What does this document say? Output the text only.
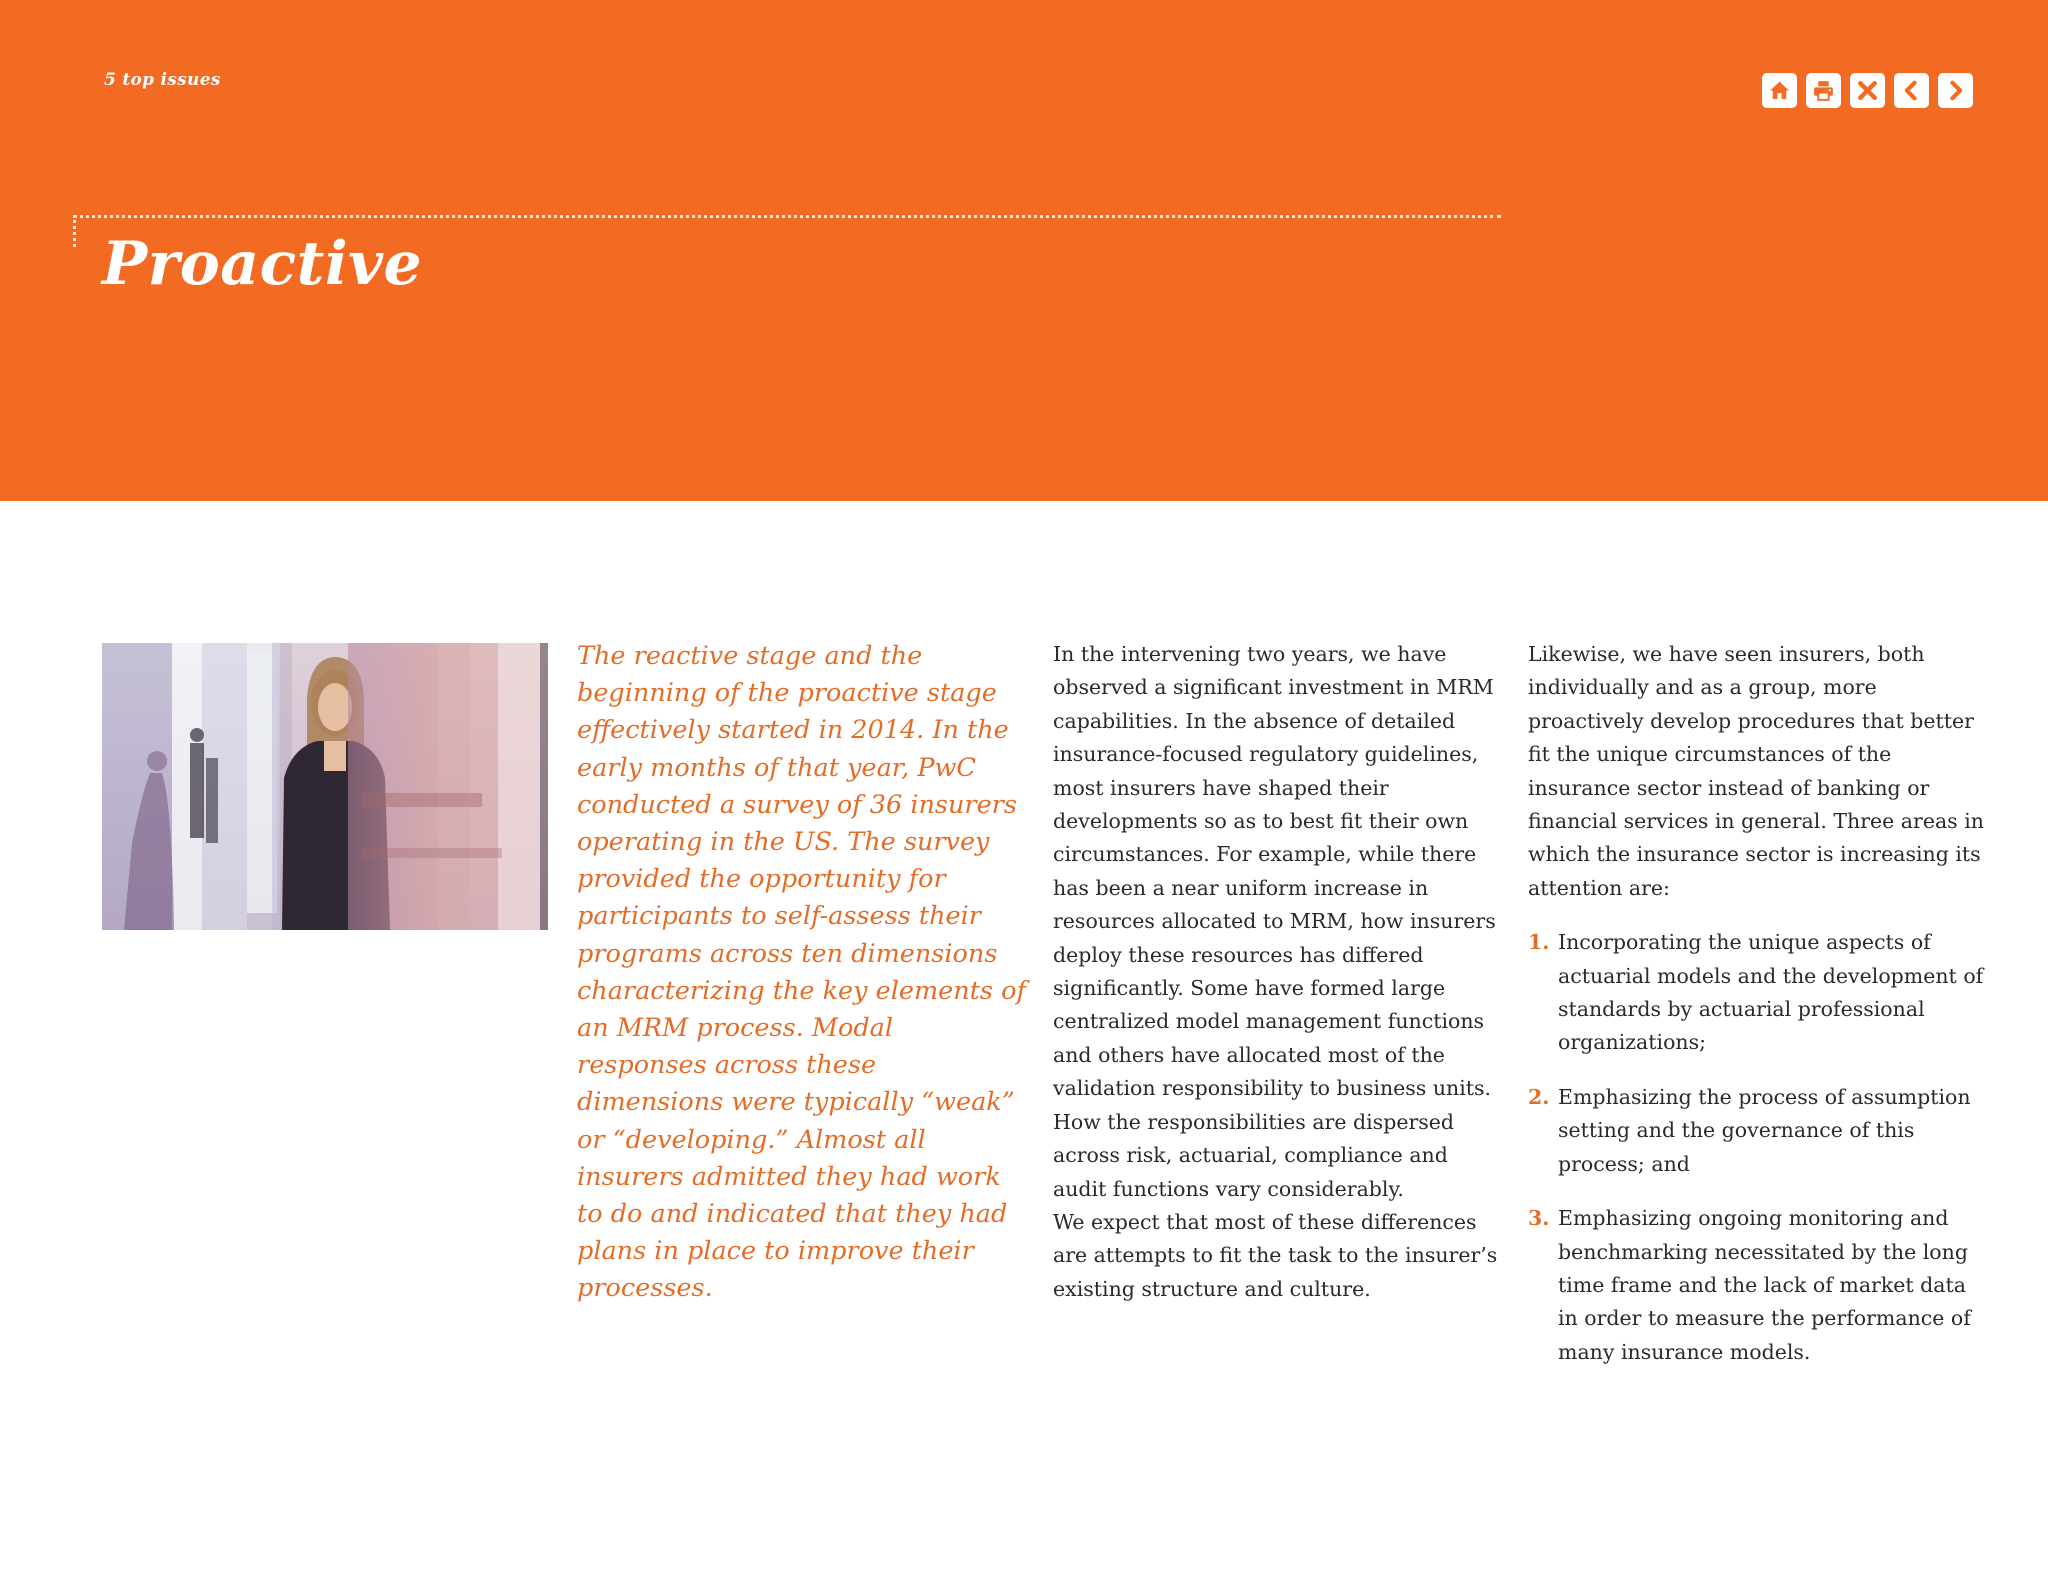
5 top issues
Proactive

The reactive stage and the beginning of the proactive stage effectively started in 2014. In the early months of that year, PwC conducted a survey of 36 insurers operating in the US. The survey provided the opportunity for participants to self-assess their programs across ten dimensions characterizing the key elements of an MRM process. Modal responses across these dimensions were typically “weak” or “developing.” Almost all insurers admitted they had work to do and indicated that they had plans in place to improve their processes.

In the intervening two years, we have observed a significant investment in MRM capabilities. In the absence of detailed insurance-focused regulatory guidelines, most insurers have shaped their developments so as to best fit their own circumstances. For example, while there has been a near uniform increase in resources allocated to MRM, how insurers deploy these resources has differed significantly. Some have formed large centralized model management functions and others have allocated most of the validation responsibility to business units. How the responsibilities are dispersed across risk, actuarial, compliance and audit functions vary considerably.

We expect that most of these differences are attempts to fit the task to the insurer’s existing structure and culture.

Likewise, we have seen insurers, both individually and as a group, more proactively develop procedures that better fit the unique circumstances of the insurance sector instead of banking or financial services in general. Three areas in which the insurance sector is increasing its attention are:

1. Incorporating the unique aspects of actuarial models and the development of standards by actuarial professional organizations;
2. Emphasizing the process of assumption setting and the governance of this process; and
3. Emphasizing ongoing monitoring and benchmarking necessitated by the long time frame and the lack of market data in order to measure the performance of many insurance models.
